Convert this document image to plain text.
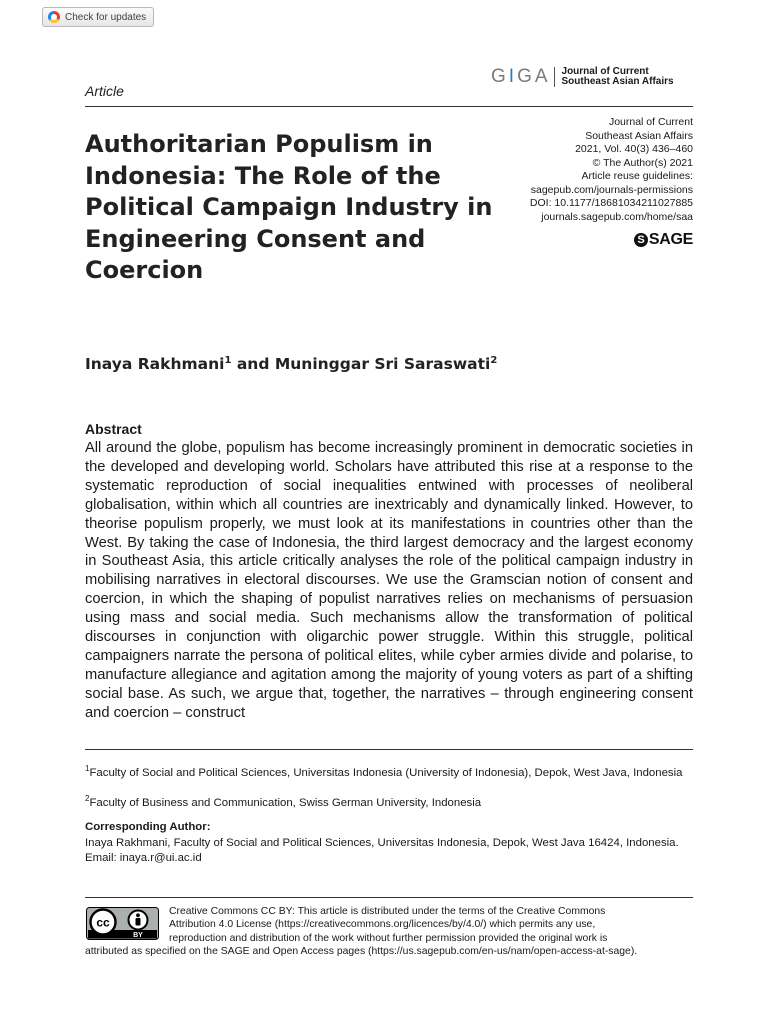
Check for updates
Article
GIGA Journal of Current
Southeast Asian Affairs
Authoritarian Populism in Indonesia: The Role of the Political Campaign Industry in Engineering Consent and Coercion
Journal of Current
Southeast Asian Affairs
2021, Vol. 40(3) 436–460
© The Author(s) 2021
Article reuse guidelines:
sagepub.com/journals-permissions
DOI: 10.1177/18681034211027885
journals.sagepub.com/home/saa
S SAGE
Inaya Rakhmani$^1$ and Muninggar Sri Saraswati$^2$
Abstract

All around the globe, populism has become increasingly prominent in democratic societies in the developed and developing world. Scholars have attributed this rise at a response to the systematic reproduction of social inequalities entwined with processes of neoliberal globalisation, within which all countries are inextricably and dynamically linked. However, to theorise populism properly, we must look at its manifestations in countries other than the West. By taking the case of Indonesia, the third largest democracy and the largest economy in Southeast Asia, this article critically analyses the role of the political campaign industry in mobilising narratives in electoral discourses. We use the Gramscian notion of consent and coercion, in which the shaping of populist narratives relies on mechanisms of persuasion using mass and social media. Such mechanisms allow the transformation of political discourses in conjunction with oligarchic power struggle. Within this struggle, political campaigners narrate the persona of political elites, while cyber armies divide and polarise, to manufacture allegiance and agitation among the majority of young voters as part of a shifting social base. As such, we argue that, together, the narratives – through engineering consent and coercion – construct

$^1$Faculty of Social and Political Sciences, Universitas Indonesia (University of Indonesia), Depok, West Java, Indonesia
$^2$Faculty of Business and Communication, Swiss German University, Indonesia
Corresponding Author:
Inaya Rakhmani, Faculty of Social and Political Sciences, Universitas Indonesia, Depok, West Java 16424, Indonesia.
Email: inaya.r@ui.ac.id
cc
BY
Creative Commons CC BY: This article is distributed under the terms of the Creative Commons
Attribution 4.0 License (https://creativecommons.org/licences/by/4.0/) which permits any use,
reproduction and distribution of the work without further permission provided the original work is
attributed as specified on the SAGE and Open Access pages (https://us.sagepub.com/en-us/nam/open-access-at-sage).
